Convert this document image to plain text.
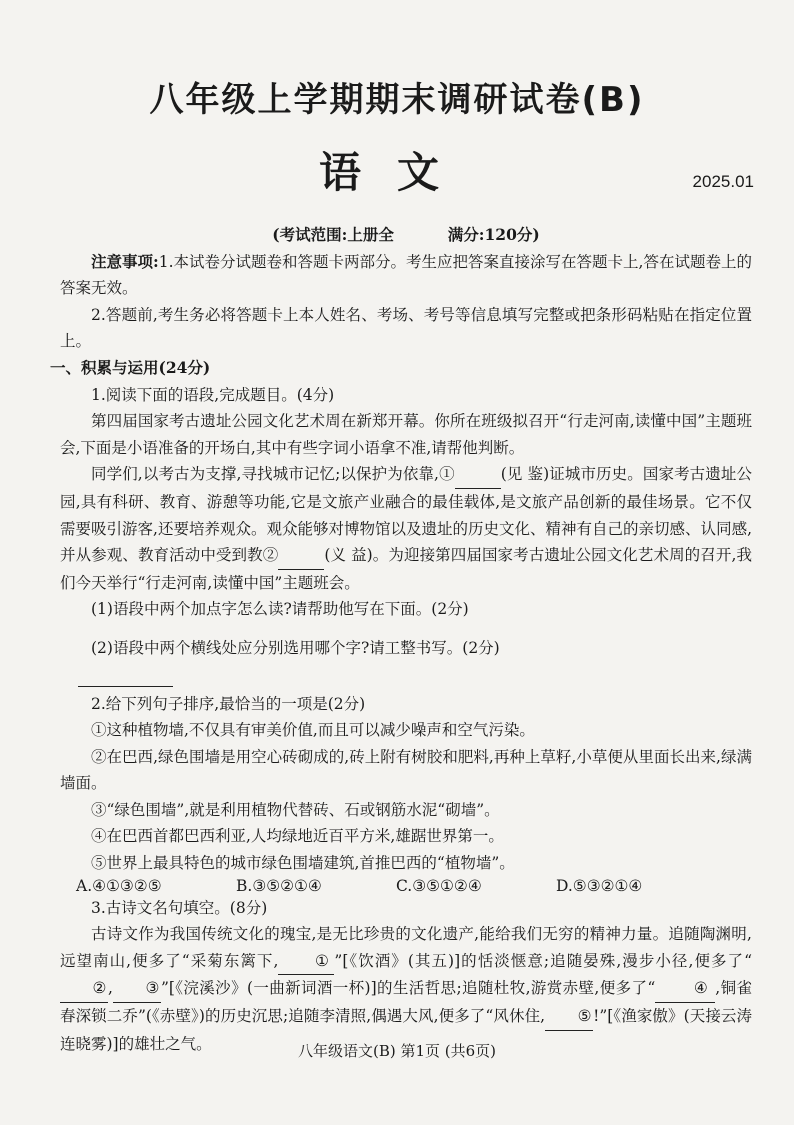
八年级上学期期末调研试卷(B)
语文	2025.01

(考试范围:上册全          满分:120分)

注意事项:1.本试卷分试题卷和答题卡两部分。考生应把答案直接涂写在答题卡上,答在试题卷上的答案无效。

2.答题前,考生务必将答题卡上本人姓名、考场、考号等信息填写完整或把条形码粘贴在指定位置上。

一、积累与运用(24分)

1.阅读下面的语段,完成题目。(4分)

第四届国家考古遗址公园文化艺术周在新郑开幕。你所在班级拟召开“行走河南,读懂中国”主题班会,下面是小语准备的开场白,其中有些字词小语拿不准,请帮他判断。

同学们,以考古为支撑,寻找城市记忆;以保护为依靠,①	(见 鉴)证城市历史。国家考古遗址公园,具有科研、教育、游憩等功能,它是文旅产业融合的最佳载体,是文旅产品创新的最佳场景。它不仅需要吸引游客,还要培养观众。观众能够对博物馆以及遗址的历史文化、精神有自己的亲切感、认同感,并从参观、教育活动中受到教②	(义 益)。为迎接第四届国家考古遗址公园文化艺术周的召开,我们今天举行“行走河南,读懂中国”主题班会。

(1)语段中两个加点字怎么读?请帮助他写在下面。(2分)

(2)语段中两个横线处应分别选用哪个字?请工整书写。(2分)

2.给下列句子排序,最恰当的一项是(2分)

①这种植物墙,不仅具有审美价值,而且可以减少噪声和空气污染。

②在巴西,绿色围墙是用空心砖砌成的,砖上附有树胶和肥料,再种上草籽,小草便从里面长出来,绿满墙面。

③“绿色围墙”,就是利用植物代替砖、石或钢筋水泥“砌墙”。

④在巴西首都巴西利亚,人均绿地近百平方米,雄踞世界第一。

⑤世界上最具特色的城市绿色围墙建筑,首推巴西的“植物墙”。

A.④①③②⑤	B.③⑤②①④	C.③⑤①②④	D.⑤③②①④

3.古诗文名句填空。(8分)

古诗文作为我国传统文化的瑰宝,是无比珍贵的文化遗产,能给我们无穷的精神力量。追随陶渊明,远望南山,便多了“采菊东篱下, ① ”[《饮酒》(其五)]的恬淡惬意;追随晏殊,漫步小径,便多了“②, ③”[《浣溪沙》(一曲新词酒一杯)]的生活哲思;追随杜牧,游赏赤壁,便多了“ ④ ,铜雀春深锁二乔”(《赤壁》)的历史沉思;追随李清照,偶遇大风,便多了“风休住, ⑤!”[《渔家傲》(天接云涛连晓雾)]的雄壮之气。	八年级语文(B) 第1页 (共6页)
